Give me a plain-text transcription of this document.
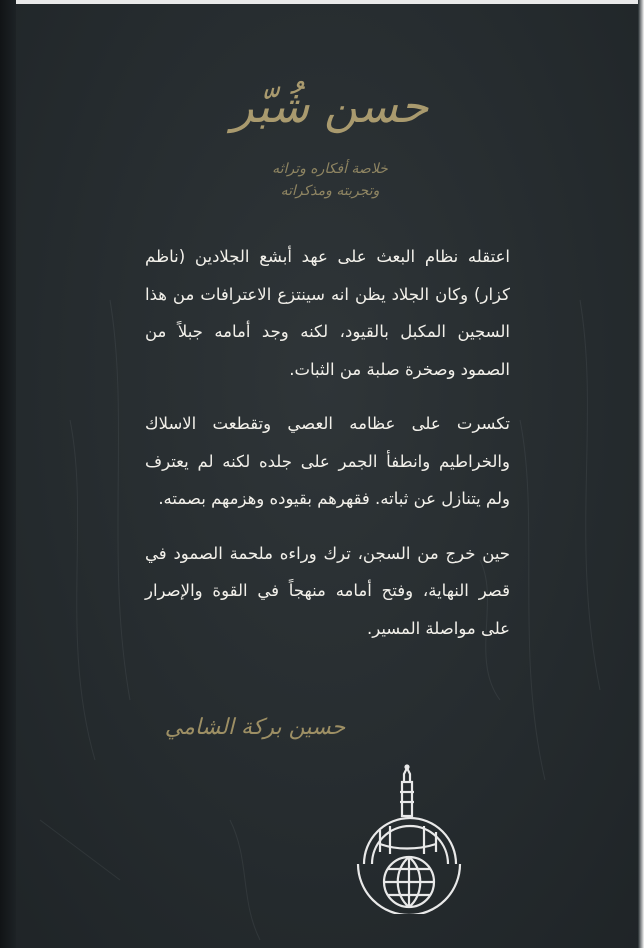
حسن شُبّر
خلاصة أفكاره وتراثه
وتجربته ومذكراته

اعتقله نظام البعث على عهد أبشع الجلادين (ناظم كزار) وكان الجلاد يظن انه سينتزع الاعترافات من هذا السجين المكبل بالقيود، لكنه وجد أمامه جبلاً من الصمود وصخرة صلبة من الثبات.

تكسرت على عظامه العصي وتقطعت الاسلاك والخراطيم وانطفأ الجمر على جلده لكنه لم يعترف ولم يتنازل عن ثباته. فقهرهم بقيوده وهزمهم بصمته.

حين خرج من السجن، ترك وراءه ملحمة الصمود في قصر النهاية، وفتح أمامه منهجاً في القوة والإصرار على مواصلة المسير.

حسين بركة الشامي
